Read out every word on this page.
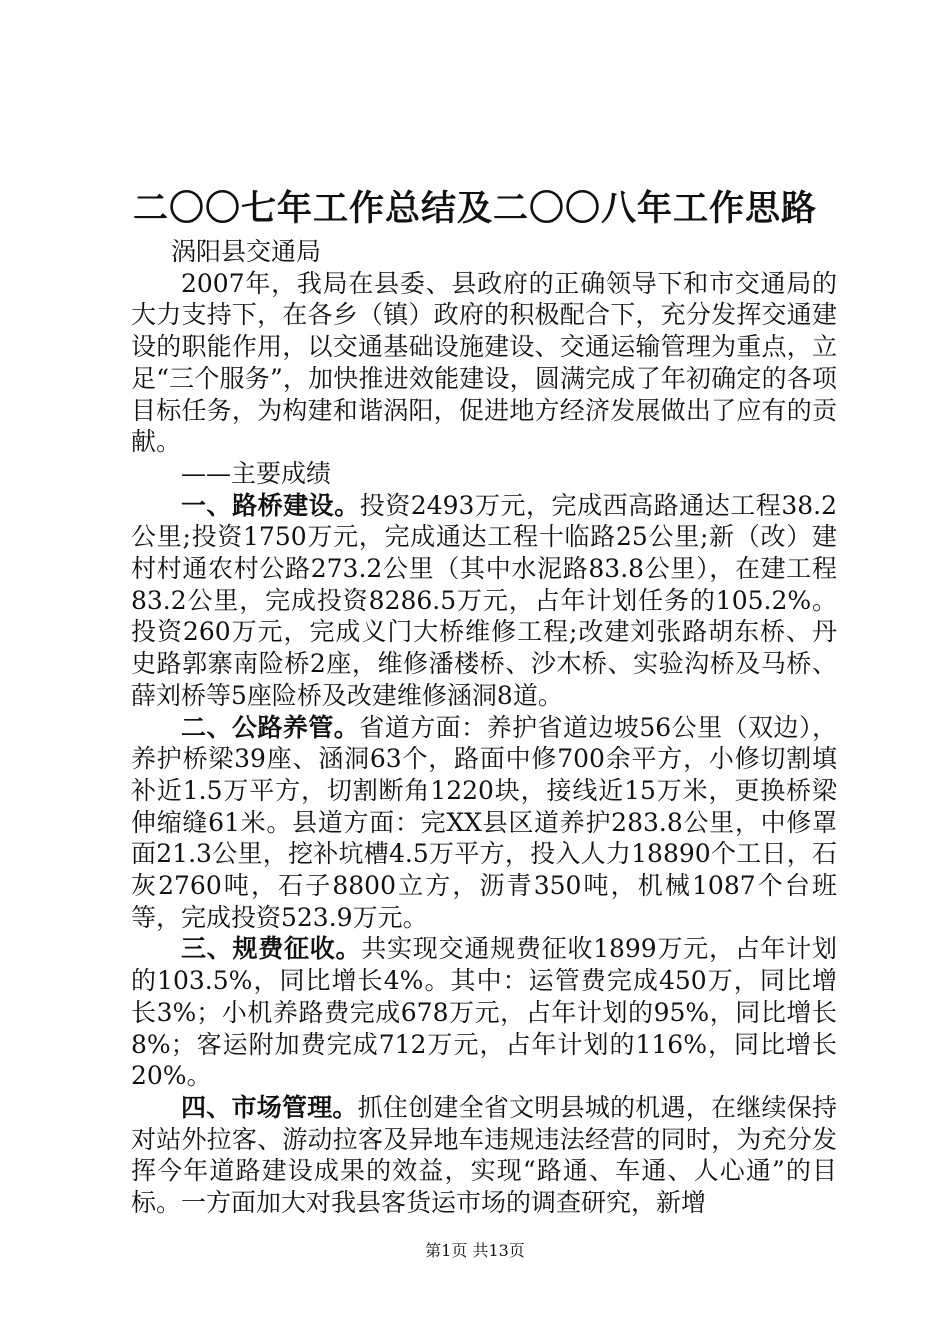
二〇〇七年工作总结及二〇〇八年工作思路

涡阳县交通局

2007年，我局在县委、县政府的正确领导下和市交通局的大力支持下，在各乡（镇）政府的积极配合下，充分发挥交通建设的职能作用，以交通基础设施建设、交通运输管理为重点，立足“三个服务”，加快推进效能建设，圆满完成了年初确定的各项目标任务，为构建和谐涡阳，促进地方经济发展做出了应有的贡献。

——主要成绩

一、路桥建设。投资2493万元，完成西高路通达工程38.2公里;投资1750万元，完成通达工程十临路25公里;新（改）建村村通农村公路273.2公里（其中水泥路83.8公里），在建工程83.2公里，完成投资8286.5万元，占年计划任务的105.2%。投资260万元，完成义门大桥维修工程;改建刘张路胡东桥、丹史路郭寨南险桥2座，维修潘楼桥、沙木桥、实验沟桥及马桥、薛刘桥等5座险桥及改建维修涵洞8道。

二、公路养管。省道方面：养护省道边坡56公里（双边），养护桥梁39座、涵洞63个，路面中修700余平方，小修切割填补近1.5万平方，切割断角1220块，接线近15万米，更换桥梁伸缩缝61米。县道方面：完XX县区道养护283.8公里，中修罩面21.3公里，挖补坑槽4.5万平方，投入人力18890个工日，石灰2760吨，石子8800立方，沥青350吨，机械1087个台班等，完成投资523.9万元。

三、规费征收。共实现交通规费征收1899万元，占年计划的103.5%，同比增长4%。其中：运管费完成450万，同比增长3%；小机养路费完成678万元，占年计划的95%，同比增长8%；客运附加费完成712万元，占年计划的116%，同比增长20%。

四、市场管理。抓住创建全省文明县城的机遇，在继续保持对站外拉客、游动拉客及异地车违规违法经营的同时，为充分发挥今年道路建设成果的效益，实现“路通、车通、人心通”的目标。一方面加大对我县客货运市场的调查研究，新增

第1页 共13页
